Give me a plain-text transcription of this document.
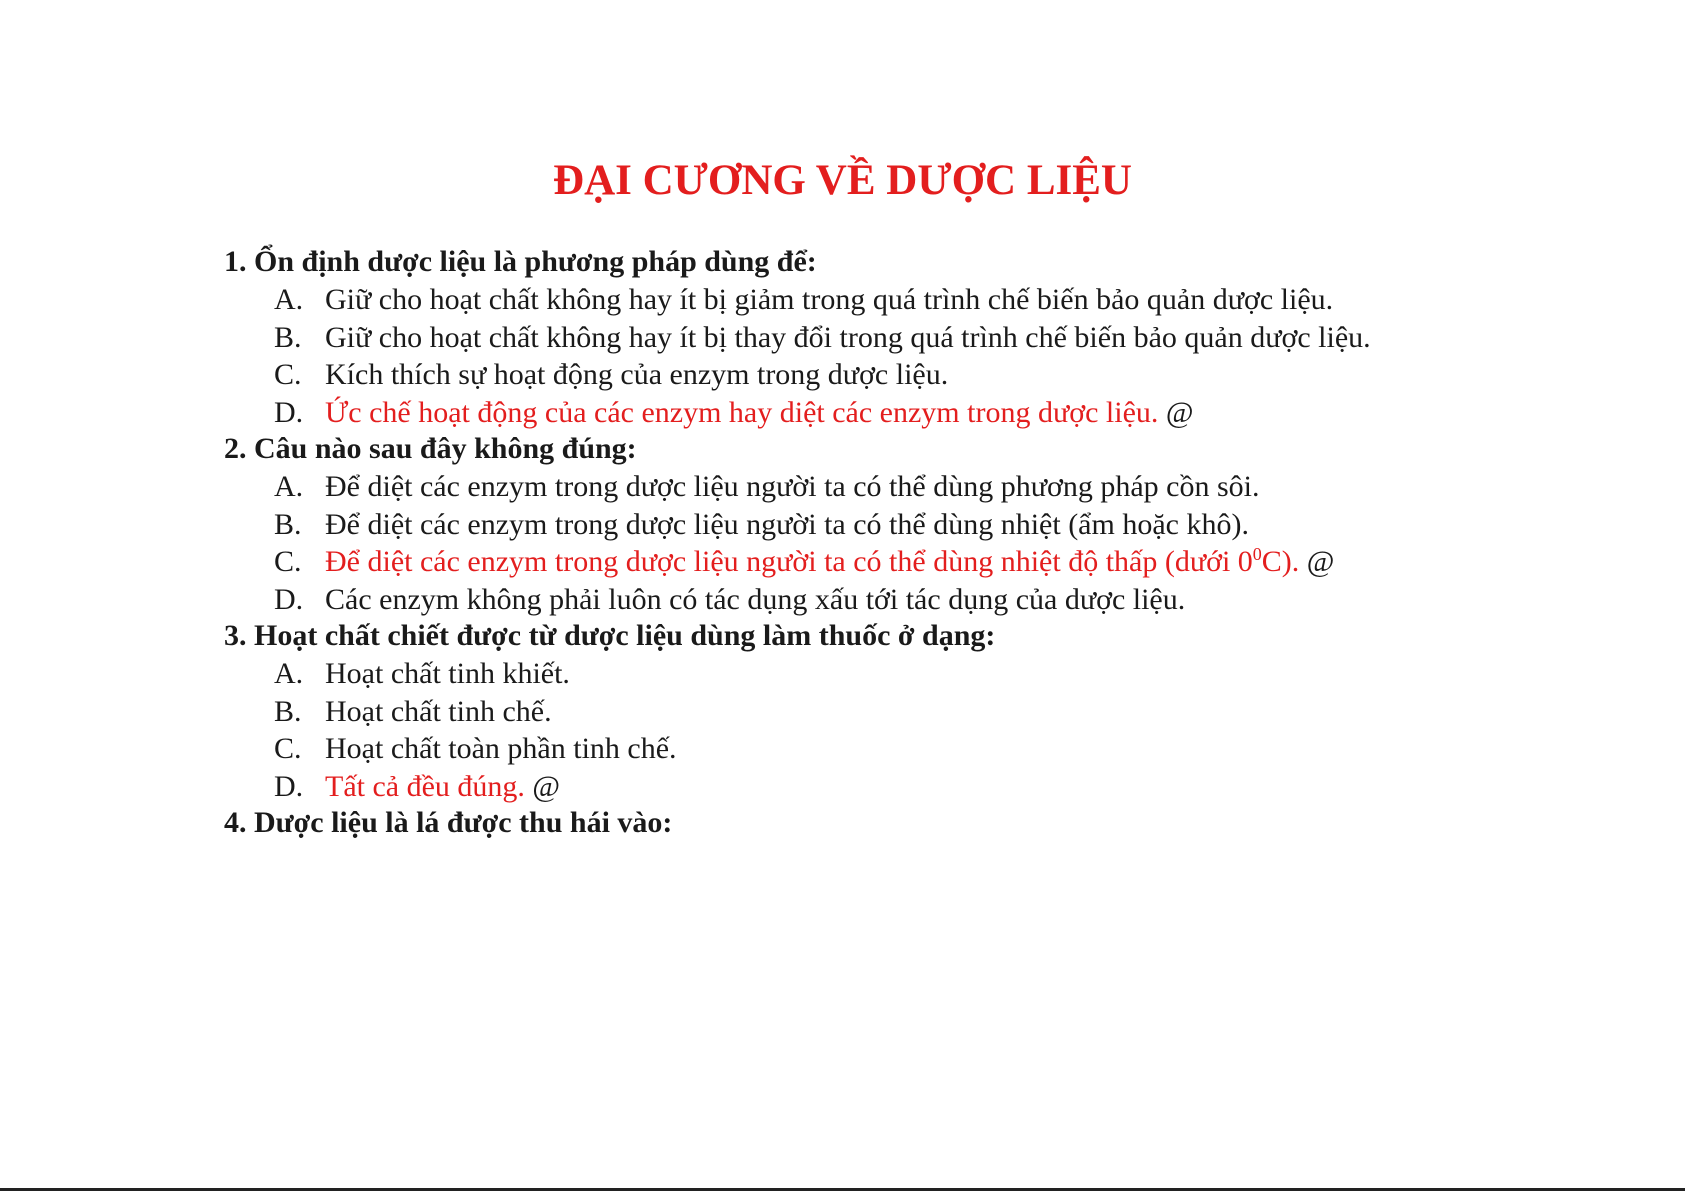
ĐẠI CƯƠNG VỀ DƯỢC LIỆU
1. Ổn định dược liệu là phương pháp dùng để:
A. Giữ cho hoạt chất không hay ít bị giảm trong quá trình chế biến bảo quản dược liệu.
B. Giữ cho hoạt chất không hay ít bị thay đổi trong quá trình chế biến bảo quản dược liệu.
C. Kích thích sự hoạt động của enzym trong dược liệu.
D. Ức chế hoạt động của các enzym hay diệt các enzym trong dược liệu. @
2. Câu nào sau đây không đúng:
A. Để diệt các enzym trong dược liệu người ta có thể dùng phương pháp cồn sôi.
B. Để diệt các enzym trong dược liệu người ta có thể dùng nhiệt (ẩm hoặc khô).
C. Để diệt các enzym trong dược liệu người ta có thể dùng nhiệt độ thấp (dưới $0^0C$). @
D. Các enzym không phải luôn có tác dụng xấu tới tác dụng của dược liệu.
3. Hoạt chất chiết được từ dược liệu dùng làm thuốc ở dạng:
A. Hoạt chất tinh khiết.
B. Hoạt chất tinh chế.
C. Hoạt chất toàn phần tinh chế.
D. Tất cả đều đúng. @
4. Dược liệu là lá được thu hái vào:
